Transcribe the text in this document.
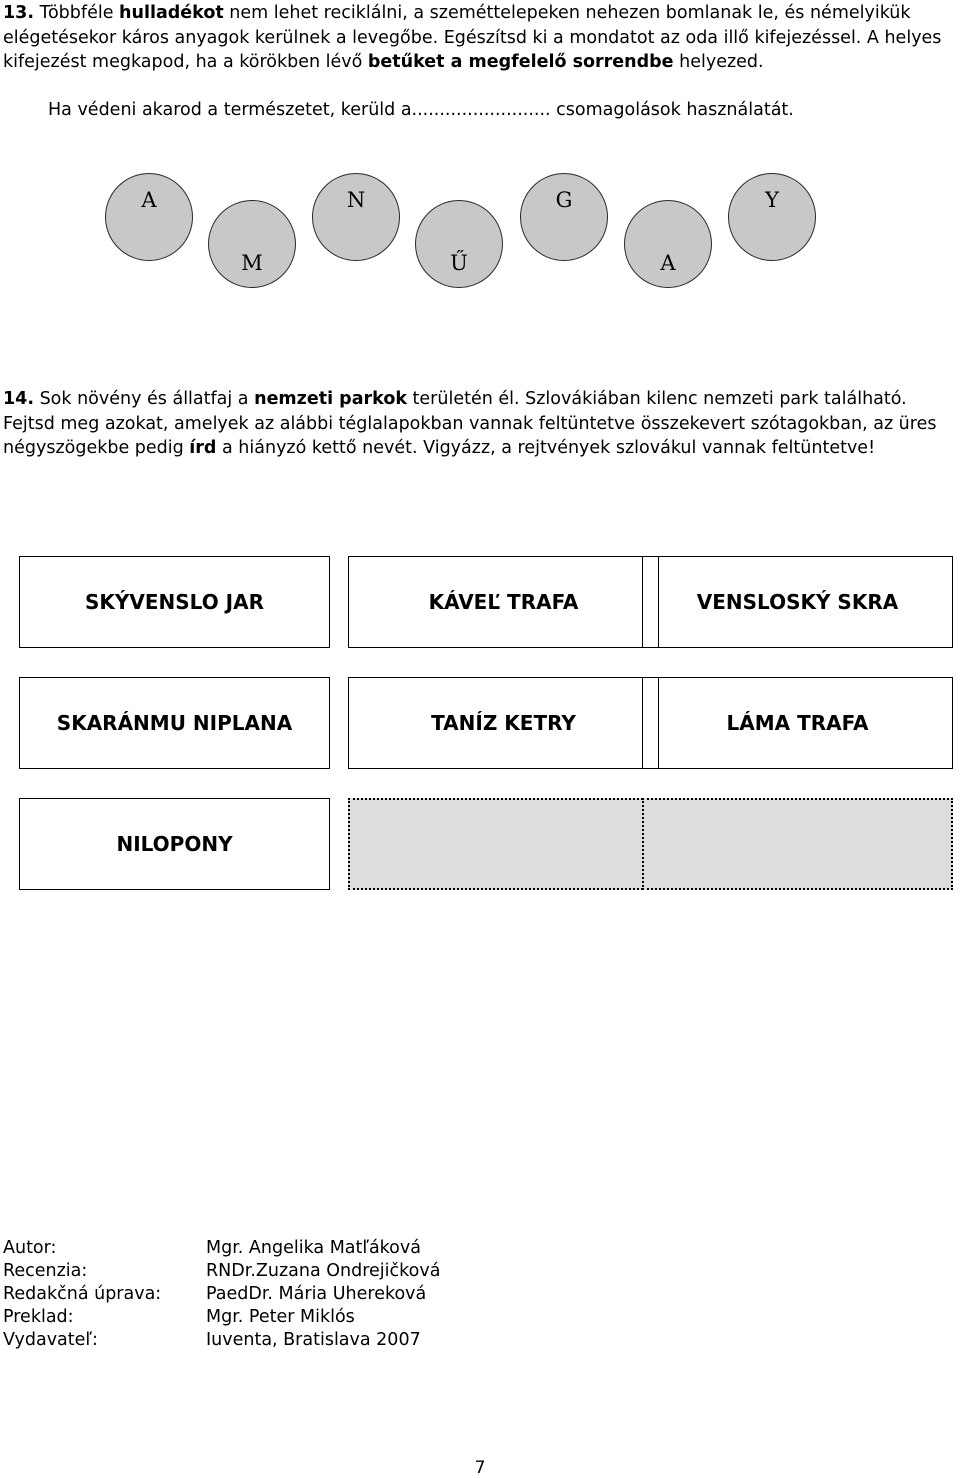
13. Többféle hulladékot nem lehet reciklálni, a szeméttelepeken nehezen bomlanak le, és némelyikük elégetésekor káros anyagok kerülnek a levegőbe. Egészítsd ki a mondatot az oda illő kifejezéssel. A helyes kifejezést megkapod, ha a körökben lévő betűket a megfelelő sorrendbe helyezed.
Ha védeni akarod a természetet, kerüld a......................... csomagolások használatát.
A
M
N
Ű
G
A
Y
14. Sok növény és állatfaj a nemzeti parkok területén él. Szlovákiában kilenc nemzeti park található. Fejtsd meg azokat, amelyek az alábbi téglalapokban vannak feltüntetve összekevert szótagokban, az üres négyszögekbe pedig írd a hiányzó kettő nevét. Vigyázz, a rejtvények szlovákul vannak feltüntetve!
SKÝVENSLO JAR	KÁVEĽ TRAFA	VENSLOSKÝ SKRA
SKARÁNMU NIPLANA	TANÍZ KETRY	LÁMA TRAFA
NILOPONY
Autor:	Mgr. Angelika Matľáková
Recenzia:	RNDr.Zuzana Ondrejičková
Redakčná úprava:	PaedDr. Mária Uhereková
Preklad:	Mgr. Peter Miklós
Vydavateľ:	Iuventa, Bratislava 2007
7
